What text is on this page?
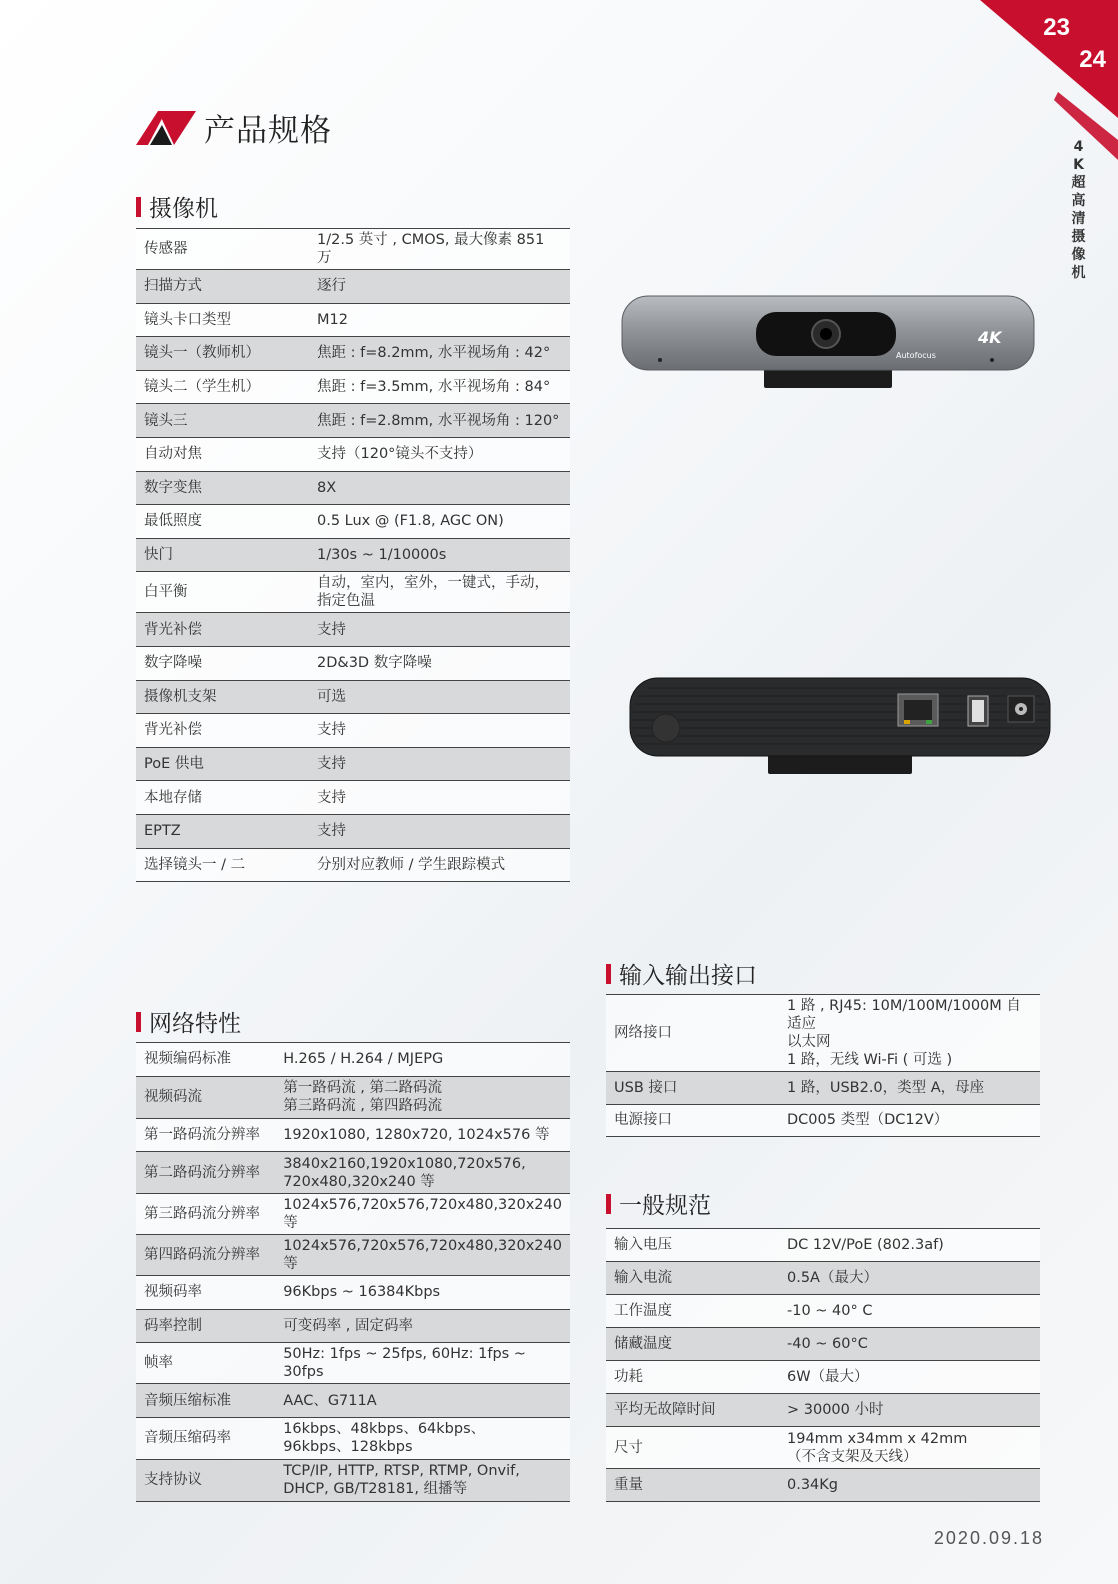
23
24
4K超高清摄像机
产品规格
摄像机
传感器	1/2.5 英寸 , CMOS, 最大像素 851 万
扫描方式	逐行
镜头卡口类型	M12
镜头一（教师机）	焦距 : f=8.2mm, 水平视场角 : 42°
镜头二（学生机）	焦距 : f=3.5mm, 水平视场角 : 84°
镜头三	焦距 : f=2.8mm, 水平视场角 : 120°
自动对焦	支持（120°镜头不支持）
数字变焦	8X
最低照度	0.5 Lux @ (F1.8, AGC ON)
快门	1/30s ~ 1/10000s
白平衡	自动，室内，室外，一键式，手动，指定色温
背光补偿	支持
数字降噪	2D&3D 数字降噪
摄像机支架	可选
背光补偿	支持
PoE 供电	支持
本地存储	支持
EPTZ	支持
选择镜头一 / 二	分别对应教师 / 学生跟踪模式
网络特性
视频编码标准	H.265 / H.264 / MJEPG
视频码流	第一路码流 , 第二路码流
第三路码流 , 第四路码流
第一路码流分辨率	1920x1080, 1280x720, 1024x576 等
第二路码流分辨率	3840x2160,1920x1080,720x576,
720x480,320x240 等
第三路码流分辨率	1024x576,720x576,720x480,320x240 等
第四路码流分辨率	1024x576,720x576,720x480,320x240 等
视频码率	96Kbps ~ 16384Kbps
码率控制	可变码率 , 固定码率
帧率	50Hz: 1fps ~ 25fps, 60Hz: 1fps ~ 30fps
音频压缩标准	AAC、G711A
音频压缩码率	16kbps、48kbps、64kbps、
96kbps、128kbps
支持协议	TCP/IP, HTTP, RTSP, RTMP, Onvif,
DHCP, GB/T28181, 组播等
输入输出接口
网络接口	1 路 , RJ45: 10M/100M/1000M 自适应
以太网
1 路，无线 Wi-Fi ( 可选 )
USB 接口	1 路，USB2.0，类型 A，母座
电源接口	DC005 类型（DC12V）
一般规范
输入电压	DC 12V/PoE (802.3af)
输入电流	0.5A（最大）
工作温度	-10 ~ 40° C
储藏温度	-40 ~ 60°C
功耗	6W（最大）
平均无故障时间	> 30000 小时
尺寸	194mm x34mm x 42mm
（不含支架及天线）
重量	0.34Kg
4K
Autofocus
2020.09.18
